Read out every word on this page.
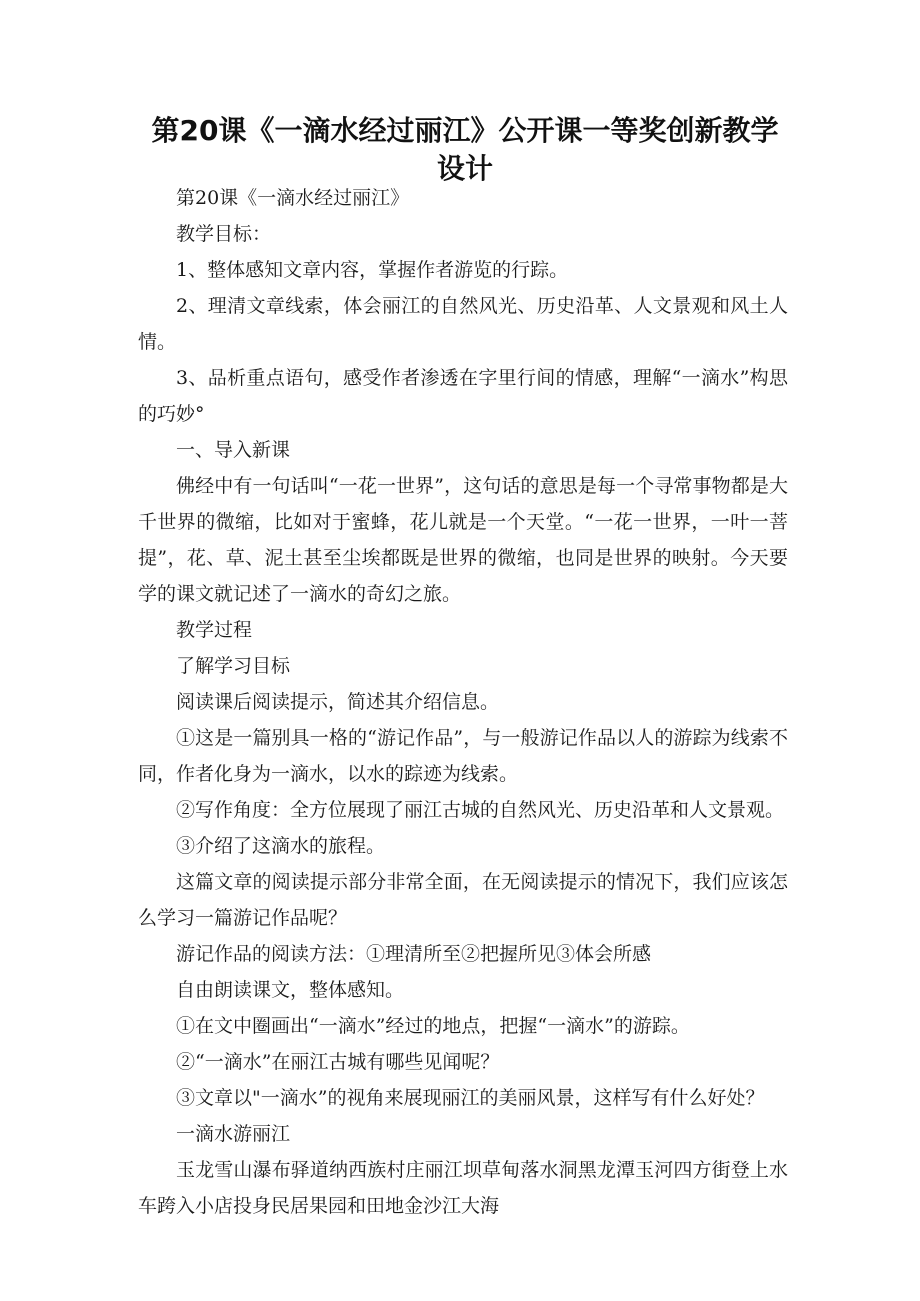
第20课《一滴水经过丽江》公开课一等奖创新教学设计

第20课《一滴水经过丽江》

教学目标：

1、整体感知文章内容，掌握作者游览的行踪。

2、理清文章线索，体会丽江的自然风光、历史沿革、人文景观和风土人情。

3、品析重点语句，感受作者渗透在字里行间的情感，理解“一滴水”构思的巧妙°

一、导入新课

佛经中有一句话叫“一花一世界”，这句话的意思是每一个寻常事物都是大千世界的微缩，比如对于蜜蜂，花儿就是一个天堂。“一花一世界，一叶一菩提”，花、草、泥土甚至尘埃都既是世界的微缩，也同是世界的映射。今天要学的课文就记述了一滴水的奇幻之旅。

教学过程

了解学习目标

阅读课后阅读提示，简述其介绍信息。

①这是一篇别具一格的“游记作品”，与一般游记作品以人的游踪为线索不同，作者化身为一滴水，以水的踪迹为线索。

②写作角度：全方位展现了丽江古城的自然风光、历史沿革和人文景观。

③介绍了这滴水的旅程。

这篇文章的阅读提示部分非常全面，在无阅读提示的情况下，我们应该怎么学习一篇游记作品呢？

游记作品的阅读方法：①理清所至②把握所见③体会所感

自由朗读课文，整体感知。

①在文中圈画出“一滴水”经过的地点，把握“一滴水”的游踪。

②“一滴水”在丽江古城有哪些见闻呢？

③文章以"一滴水”的视角来展现丽江的美丽风景，这样写有什么好处？

一滴水游丽江

玉龙雪山瀑布驿道纳西族村庄丽江坝草甸落水洞黑龙潭玉河四方街登上水车跨入小店投身民居果园和田地金沙江大海
